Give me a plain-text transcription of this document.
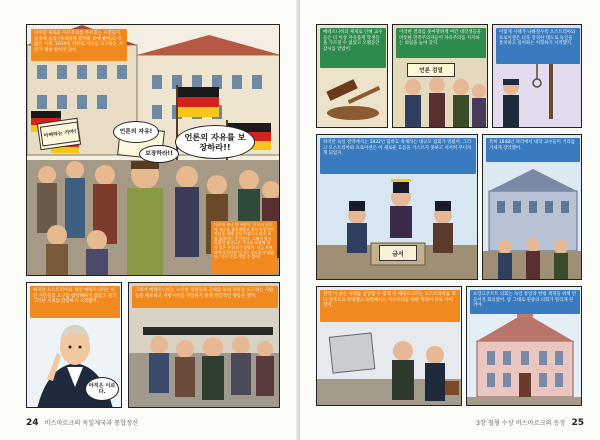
이처럼 새로운 자유주의를 부르짖는 시민들이 곳곳에 등장 (자세하게 할까봐 옥에 봤어요) 수많은 시위, 1819년 언론의 자유를 요구하는 시위가 계속 벌어져 갔어.
언론의 자유를 보장하라!!
언론의 자유!
보장하라!!
어쩌라는 거야!
나중에 보니 한 사람이 '기독교 민중의 자유를 불러세웠고 일어 독일인이 자유를 위해 상상 이상으로 많은 피를 흘렸다는 뜻이었어. 그래서 당시 독일의 왕국들은 자유를 보장해 줄 것 같은 분위기가 었었어. 지금 보면 어이가 있지만 당시는 중요한 문제였어.' 라는 뜻을 엿볼 수 있어!
하지만 오스트리아의 재상 메테르니히는 이런 시민들의 요구를 탐탁해하지 않았고 결국 그러한 시위를 탄압하기 시작했어.
아직은 이르다.
그래서 메테르니히는 노인한 경찰들과 군대를 보내 자유를 요구하는 사람들을 체포하고 저항시위를 진압하기 위해 강압적인 행동을 했지.
24 비스마르크의 독일제국과 통합정신
메테르니히의 체제로 인해 교수들은 더 이상 자유롭게 학생들을 가르칠 수 없었고 오랫동안 감시를 받았어.
이러한 결과를 못마땅하게 여긴 대학생들을 비롯한 민족주의자들이 자유주의를 지지하는 외침을 높여 갔지.
언론 검열
이렇게 사태가 나빠질수록 오스트리아와 프로이센은 더욱 강경한 태도로 독일을 통치하고 싶어하는 처형하기 시작했지.
하지만 독일 전역에서는 1832년 함바흐 축제라는 대규모 집회가 열렸어. 그리고 오스트리아와 프로이센은 이 새로운 흐름을 거스르지 못하고 서서히 무너지게 되었지.
금서
특히 1848년 파리에서 대학 교수들이 거리를 거세게 장악했어.
결국 이 같은 사태를 감당할 수 없게 된 메테르니히는 오스트리아를 떠나 영국으로 망명했고 독일에서는 자유주의를 위한 혁명이 바로 이어졌지.
프랑크푸르트 의회는 독일 통일과 헌법 제정을 위해 만들어진 회의였어. 말 그대로 민중의 의회가 열리게 된 거야.
3장 철혈 수상 비스마르크의 등장 25
